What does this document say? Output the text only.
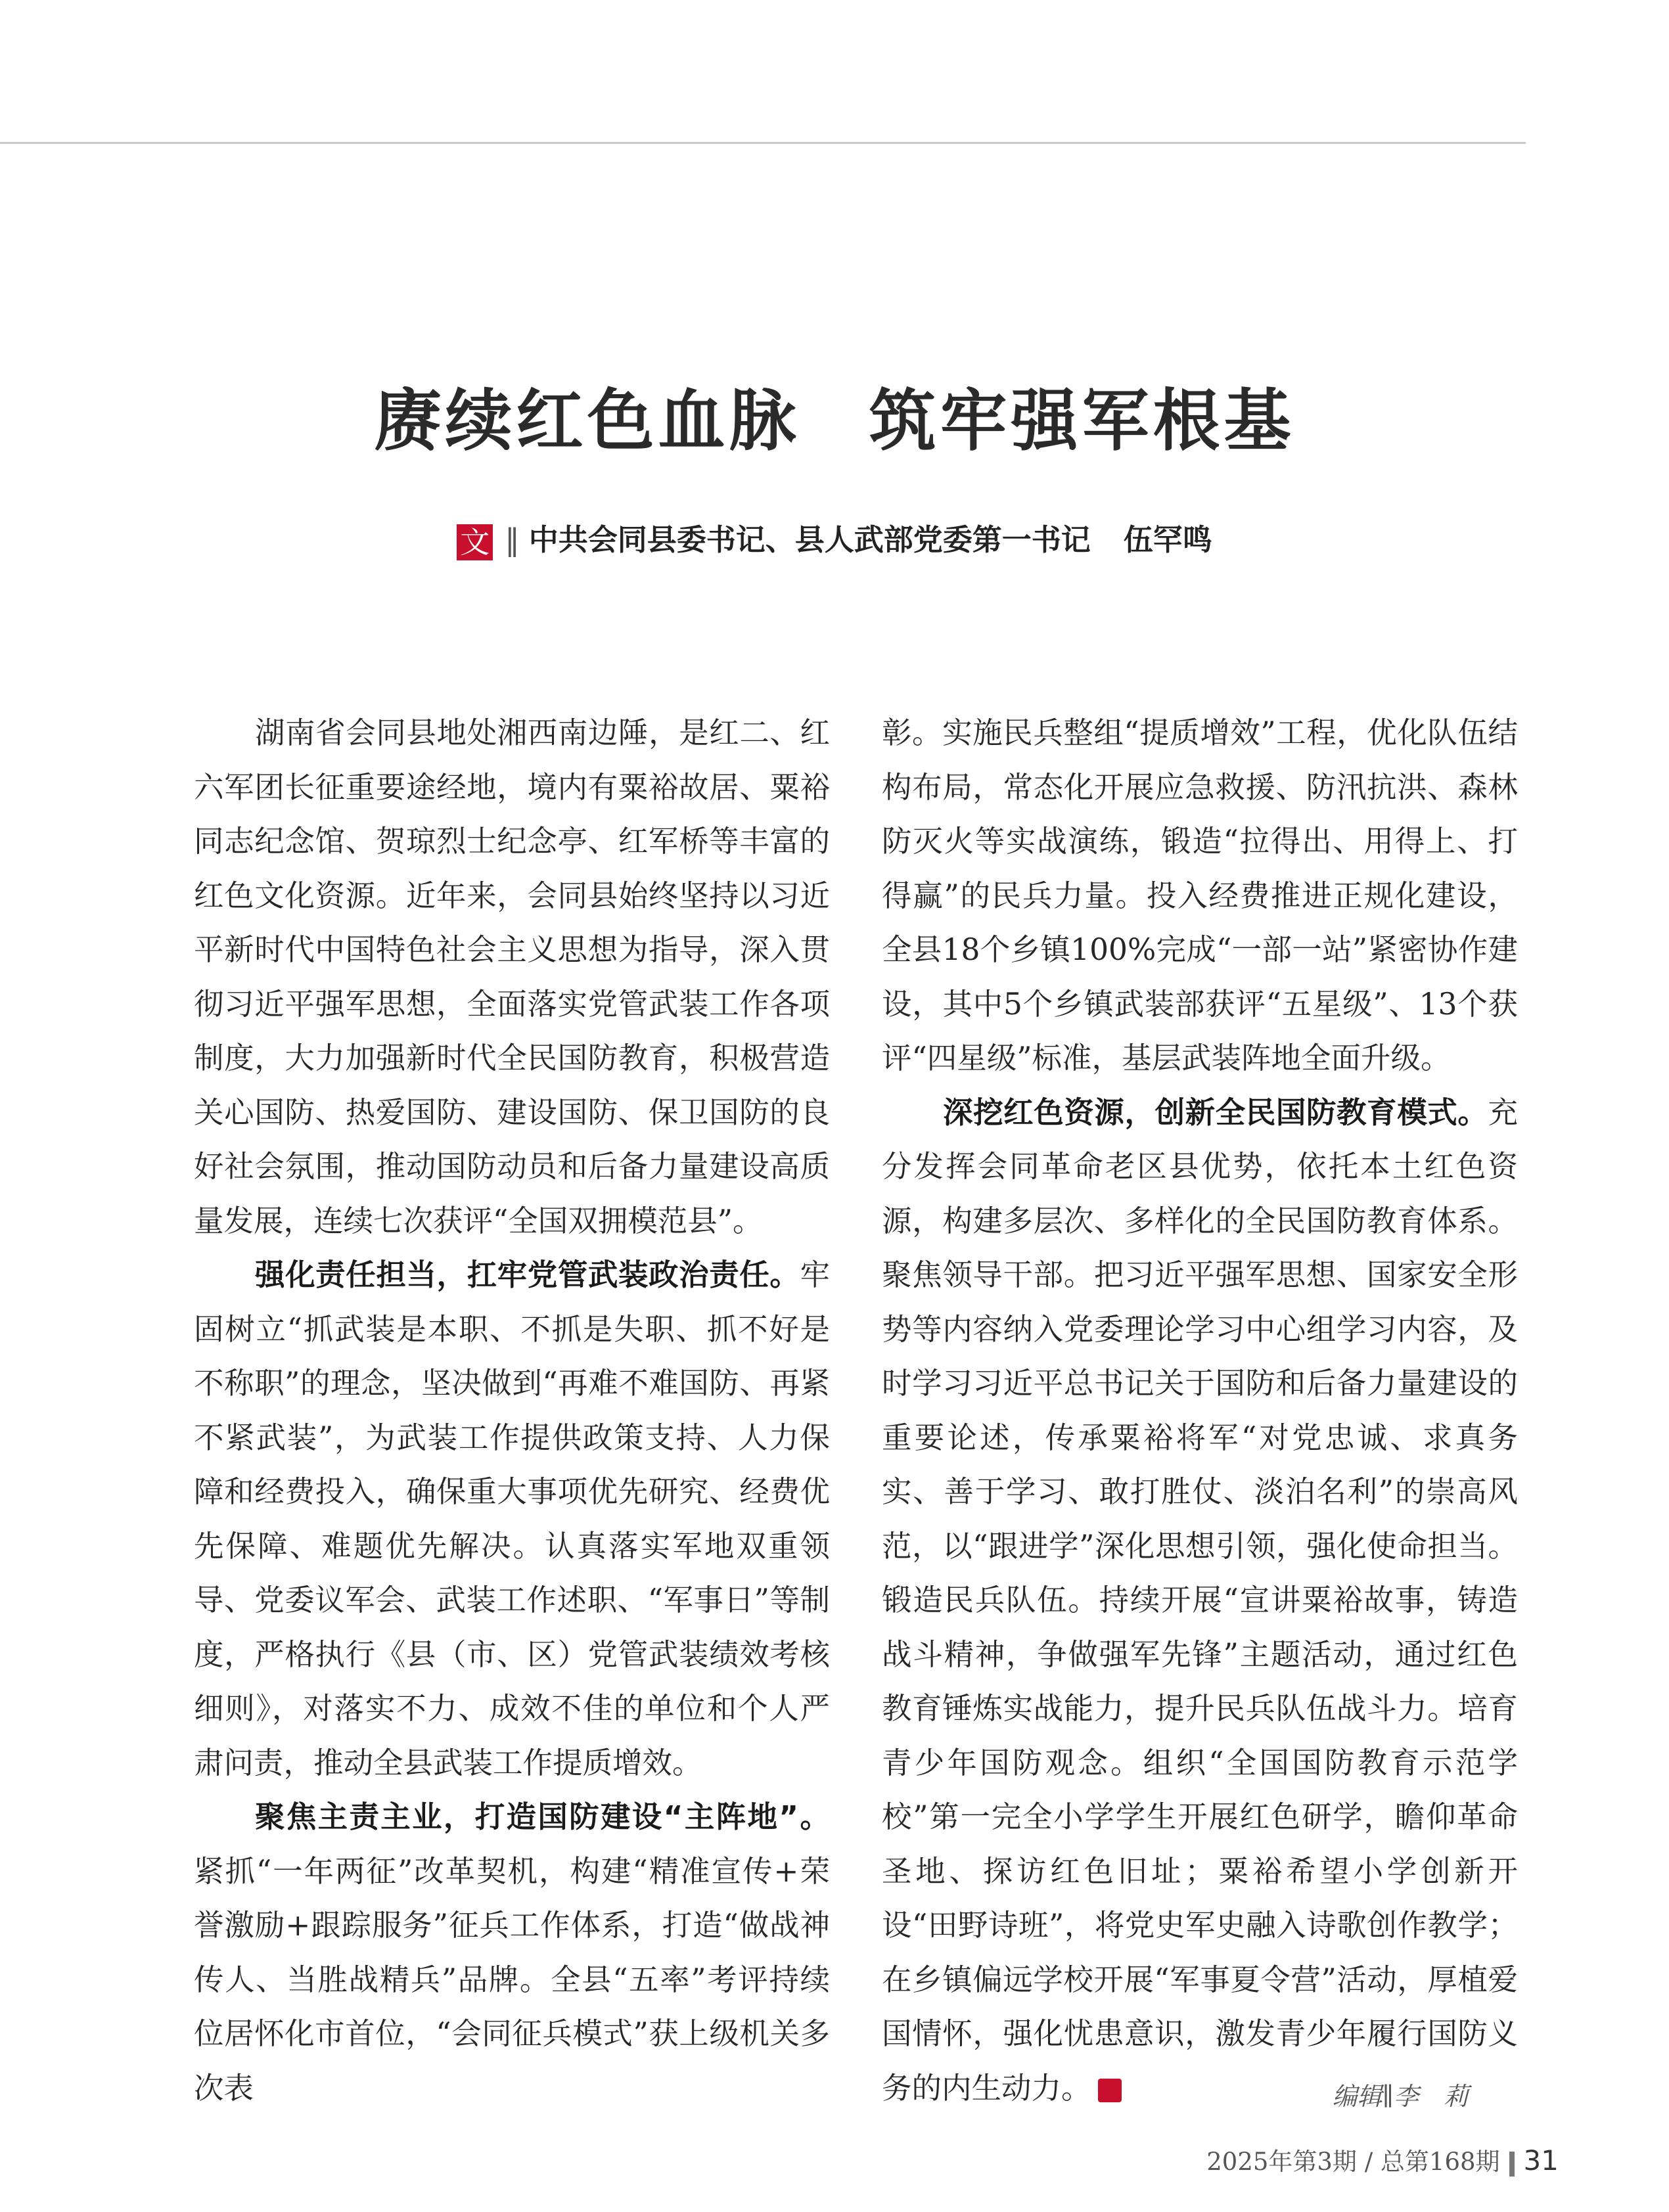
赓续红色血脉 筑牢强军根基
文 ‖ 中共会同县委书记、县人武部党委第一书记 伍罕鸣

湖南省会同县地处湘西南边陲，是红二、红六军团长征重要途经地，境内有粟裕故居、粟裕同志纪念馆、贺琼烈士纪念亭、红军桥等丰富的红色文化资源。近年来，会同县始终坚持以习近平新时代中国特色社会主义思想为指导，深入贯彻习近平强军思想，全面落实党管武装工作各项制度，大力加强新时代全民国防教育，积极营造关心国防、热爱国防、建设国防、保卫国防的良好社会氛围，推动国防动员和后备力量建设高质量发展，连续七次获评“全国双拥模范县”。

强化责任担当，扛牢党管武装政治责任。牢固树立“抓武装是本职、不抓是失职、抓不好是不称职”的理念，坚决做到“再难不难国防、再紧不紧武装”，为武装工作提供政策支持、人力保障和经费投入，确保重大事项优先研究、经费优先保障、难题优先解决。认真落实军地双重领导、党委议军会、武装工作述职、“军事日”等制度，严格执行《县（市、区）党管武装绩效考核细则》，对落实不力、成效不佳的单位和个人严肃问责，推动全县武装工作提质增效。

聚焦主责主业，打造国防建设“主阵地”。紧抓“一年两征”改革契机，构建“精准宣传+荣誉激励+跟踪服务”征兵工作体系，打造“做战神传人、当胜战精兵”品牌。全县“五率”考评持续位居怀化市首位，“会同征兵模式”获上级机关多次表

彰。实施民兵整组“提质增效”工程，优化队伍结构布局，常态化开展应急救援、防汛抗洪、森林防灭火等实战演练，锻造“拉得出、用得上、打得赢”的民兵力量。投入经费推进正规化建设，全县18个乡镇100%完成“一部一站”紧密协作建设，其中5个乡镇武装部获评“五星级”、13个获评“四星级”标准，基层武装阵地全面升级。

深挖红色资源，创新全民国防教育模式。充分发挥会同革命老区县优势，依托本土红色资源，构建多层次、多样化的全民国防教育体系。聚焦领导干部。把习近平强军思想、国家安全形势等内容纳入党委理论学习中心组学习内容，及时学习习近平总书记关于国防和后备力量建设的重要论述，传承粟裕将军“对党忠诚、求真务实、善于学习、敢打胜仗、淡泊名利”的崇高风范，以“跟进学”深化思想引领，强化使命担当。锻造民兵队伍。持续开展“宣讲粟裕故事，铸造战斗精神，争做强军先锋”主题活动，通过红色教育锤炼实战能力，提升民兵队伍战斗力。培育青少年国防观念。组织“全国国防教育示范学校”第一完全小学学生开展红色研学，瞻仰革命圣地、探访红色旧址；粟裕希望小学创新开设“田野诗班”，将党史军史融入诗歌创作教学；在乡镇偏远学校开展“军事夏令营”活动，厚植爱国情怀，强化忧患意识，激发青少年履行国防义务的内生动力。	G	编辑∥李　莉
2025年第3期 / 总第168期 31
